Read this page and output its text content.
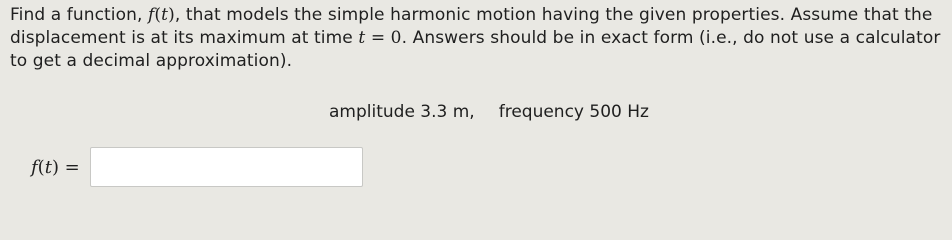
Find a function, f(t), that models the simple harmonic motion having the given properties. Assume that the displacement is at its maximum at time t = 0. Answers should be in exact form (i.e., do not use a calculator to get a decimal approximation).

amplitude 3.3 m, frequency 500 Hz
f(t) =
